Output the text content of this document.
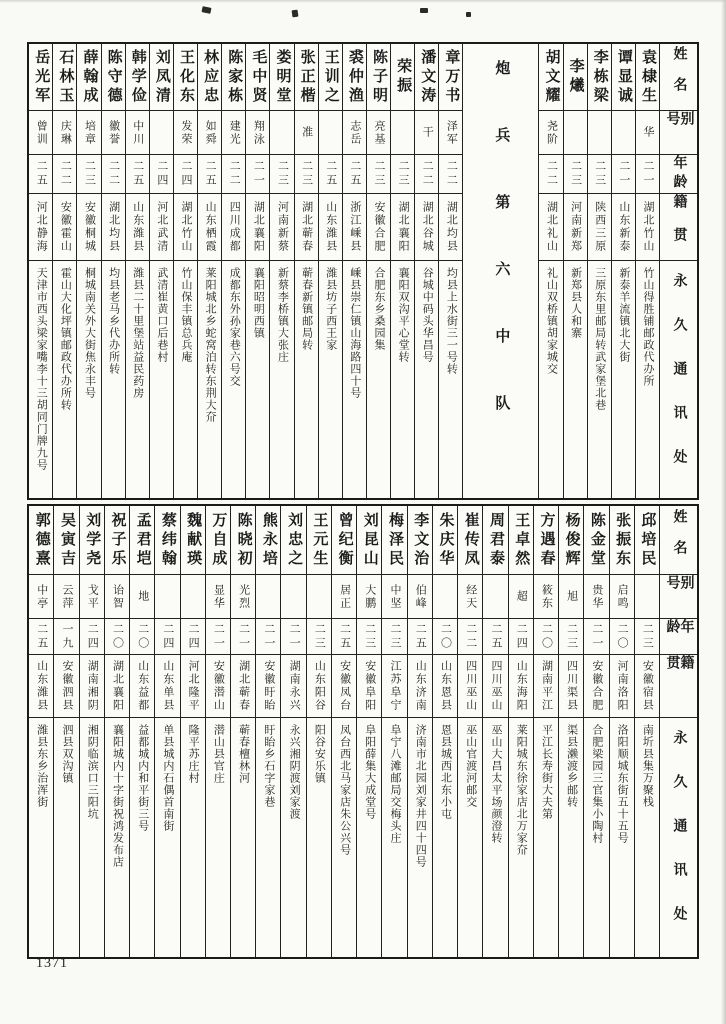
姓名
别号
年龄
籍贯
永久通讯处
袁棣生
华
二一
湖北竹山
竹山得胜铺邮政代办所
谭显诚
二一
山东新泰
新泰羊流镇北大街
李栋梁
二三
陕西三原
三原东里邮局转武家堡北巷
李爔
二三
河南新郑
新郑县人和寨
胡文耀
尧阶
二二
湖北礼山
礼山双桥镇胡家城交
炮兵第六中队
章万书
泽军
二二
湖北均县
均县上水街三一号转
潘文涛
干
二二
湖北谷城
谷城中码头华昌号
荣振
二三
湖北襄阳
襄阳双沟平心堂转
陈子明
亮基
二三
安徽合肥
合肥东乡桑园集
裘仲渔
志岳
二五
浙江嵊县
嵊县崇仁镇山海路四十号
王训之
二五
山东潍县
潍县坊子西王家
张正楷
准
二三
湖北蕲春
蕲春新镇邮局转
娄明堂
二三
河南新蔡
新蔡李桥镇大张庄
毛中贤
翔泳
二一
湖北襄阳
襄阳昭明西镇
陈家栋
建光
二二
四川成都
成都东外孙家巷六号交
林应忠
如舜
二五
山东栖霞
莱阳城北乡蛇窝泊转东荆大夼
王化东
发荣
二四
湖北竹山
竹山保丰镇总兵庵
刘凤清
二四
河北武清
武清崔黄口后巷村
韩学俭
中川
二五
山东潍县
潍县二十里堡站益民药房
陈守德
徽誉
二二
湖北均县
均县老马乡代办所转
薛翰成
培章
二三
安徽桐城
桐城南关外大街焦永丰号
石林玉
庆琳
二二
安徽霍山
霍山大化坪镇邮政代办所转
岳光军
曾训
二五
河北静海
天津市西头梁家嘴李十三胡同门牌九号
姓名
别号
年龄
籍贯
永久通讯处
邱培民
二三
安徽宿县
南圻县集万聚栈
张振东
启鸣
二〇
河南洛阳
洛阳顺城东街五十五号
陈金堂
贵华
二一
安徽合肥
合肥梁园三官集小陶村
杨俊辉
旭
二三
四川渠县
渠县濑渡乡邮转
方遇春
筱东
二〇
湖南平江
平江长寿街大夫第
王卓然
超
二四
山东海阳
莱阳城东徐家店北万家夼
周君泰
二五
四川巫山
巫山大昌太平场颜澄转
崔传凤
经天
二二
四川巫山
巫山官渡河邮交
朱庆华
二〇
山东恩县
恩县城西北东小屯
李文治
伯峰
二五
山东济南
济南市北园刘家井四十四号
梅泽民
中坚
二三
江苏阜宁
阜宁八滩邮局交梅头庄
刘昆山
大鹏
二三
安徽阜阳
阜阳薛集大成堂号
曾纪衡
居正
二五
安徽凤台
凤台西北马家店朱公兴号
王元生
二三
山东阳谷
阳谷安乐镇
刘忠之
二一
湖南永兴
永兴湘阴渡刘家渡
熊永培
二一
安徽盱眙
盱眙乡石字家巷
陈晓初
光烈
二一
湖北蕲春
蕲春檀林河
万自成
显华
二一
安徽潜山
潜山县官庄
魏献瑛
二四
河北隆平
隆平苏庄村
蔡纬翰
二四
山东单县
单县城内石偶首南街
孟君垲
地
二〇
山东益都
益都城内和平街三号
祝子乐
诒智
二〇
湖北襄阳
襄阳城内十字街祝鸿发布店
刘学尧
戈平
二四
湖南湘阴
湘阴临滨口三阳坑
吴寅吉
云萍
一九
安徽泗县
泗县双沟镇
郭德熹
中亭
二五
山东潍县
潍县东乡治浑街
1371
